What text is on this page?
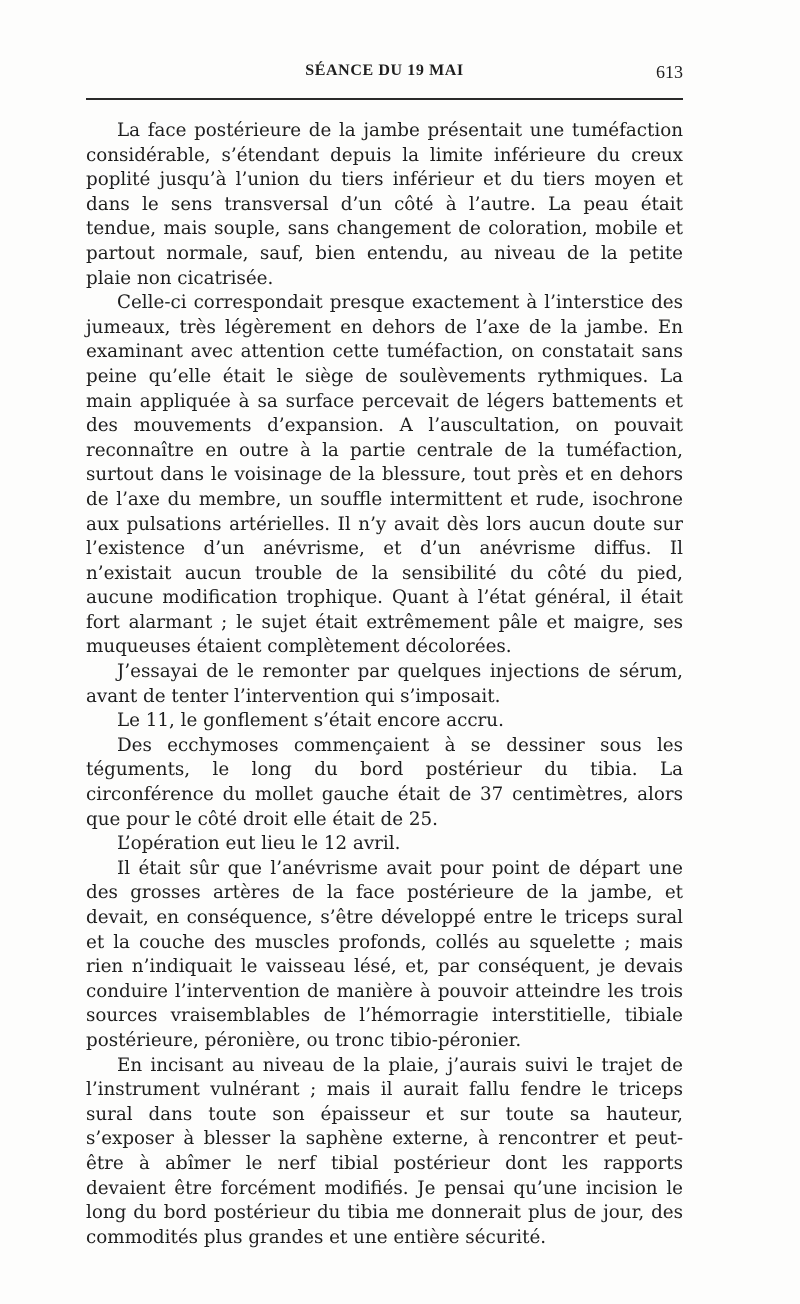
SÉANCE DU 19 MAI	613

La face postérieure de la jambe présentait une tuméfaction considérable, s’étendant depuis la limite inférieure du creux poplité jusqu’à l’union du tiers inférieur et du tiers moyen et dans le sens transversal d’un côté à l’autre. La peau était tendue, mais souple, sans changement de coloration, mobile et partout normale, sauf, bien entendu, au niveau de la petite plaie non cicatrisée.

Celle-ci correspondait presque exactement à l’interstice des jumeaux, très légèrement en dehors de l’axe de la jambe. En examinant avec attention cette tuméfaction, on constatait sans peine qu’elle était le siège de soulèvements rythmiques. La main appliquée à sa surface percevait de légers battements et des mouvements d’expansion. A l’auscultation, on pouvait reconnaître en outre à la partie centrale de la tuméfaction, surtout dans le voisinage de la blessure, tout près et en dehors de l’axe du membre, un souffle intermittent et rude, isochrone aux pulsations artérielles. Il n’y avait dès lors aucun doute sur l’existence d’un anévrisme, et d’un anévrisme diffus. Il n’existait aucun trouble de la sensibilité du côté du pied, aucune modification trophique. Quant à l’état général, il était fort alarmant ; le sujet était extrêmement pâle et maigre, ses muqueuses étaient complètement décolorées.

J’essayai de le remonter par quelques injections de sérum, avant de tenter l’intervention qui s’imposait.

Le 11, le gonflement s’était encore accru.

Des ecchymoses commençaient à se dessiner sous les téguments, le long du bord postérieur du tibia. La circonférence du mollet gauche était de 37 centimètres, alors que pour le côté droit elle était de 25.

L’opération eut lieu le 12 avril.

Il était sûr que l’anévrisme avait pour point de départ une des grosses artères de la face postérieure de la jambe, et devait, en conséquence, s’être développé entre le triceps sural et la couche des muscles profonds, collés au squelette ; mais rien n’indiquait le vaisseau lésé, et, par conséquent, je devais conduire l’intervention de manière à pouvoir atteindre les trois sources vraisemblables de l’hémorragie interstitielle, tibiale postérieure, péronière, ou tronc tibio-péronier.

En incisant au niveau de la plaie, j’aurais suivi le trajet de l’instrument vulnérant ; mais il aurait fallu fendre le triceps sural dans toute son épaisseur et sur toute sa hauteur, s’exposer à blesser la saphène externe, à rencontrer et peut-être à abîmer le nerf tibial postérieur dont les rapports devaient être forcément modifiés. Je pensai qu’une incision le long du bord postérieur du tibia me donnerait plus de jour, des commodités plus grandes et une entière sécurité.
